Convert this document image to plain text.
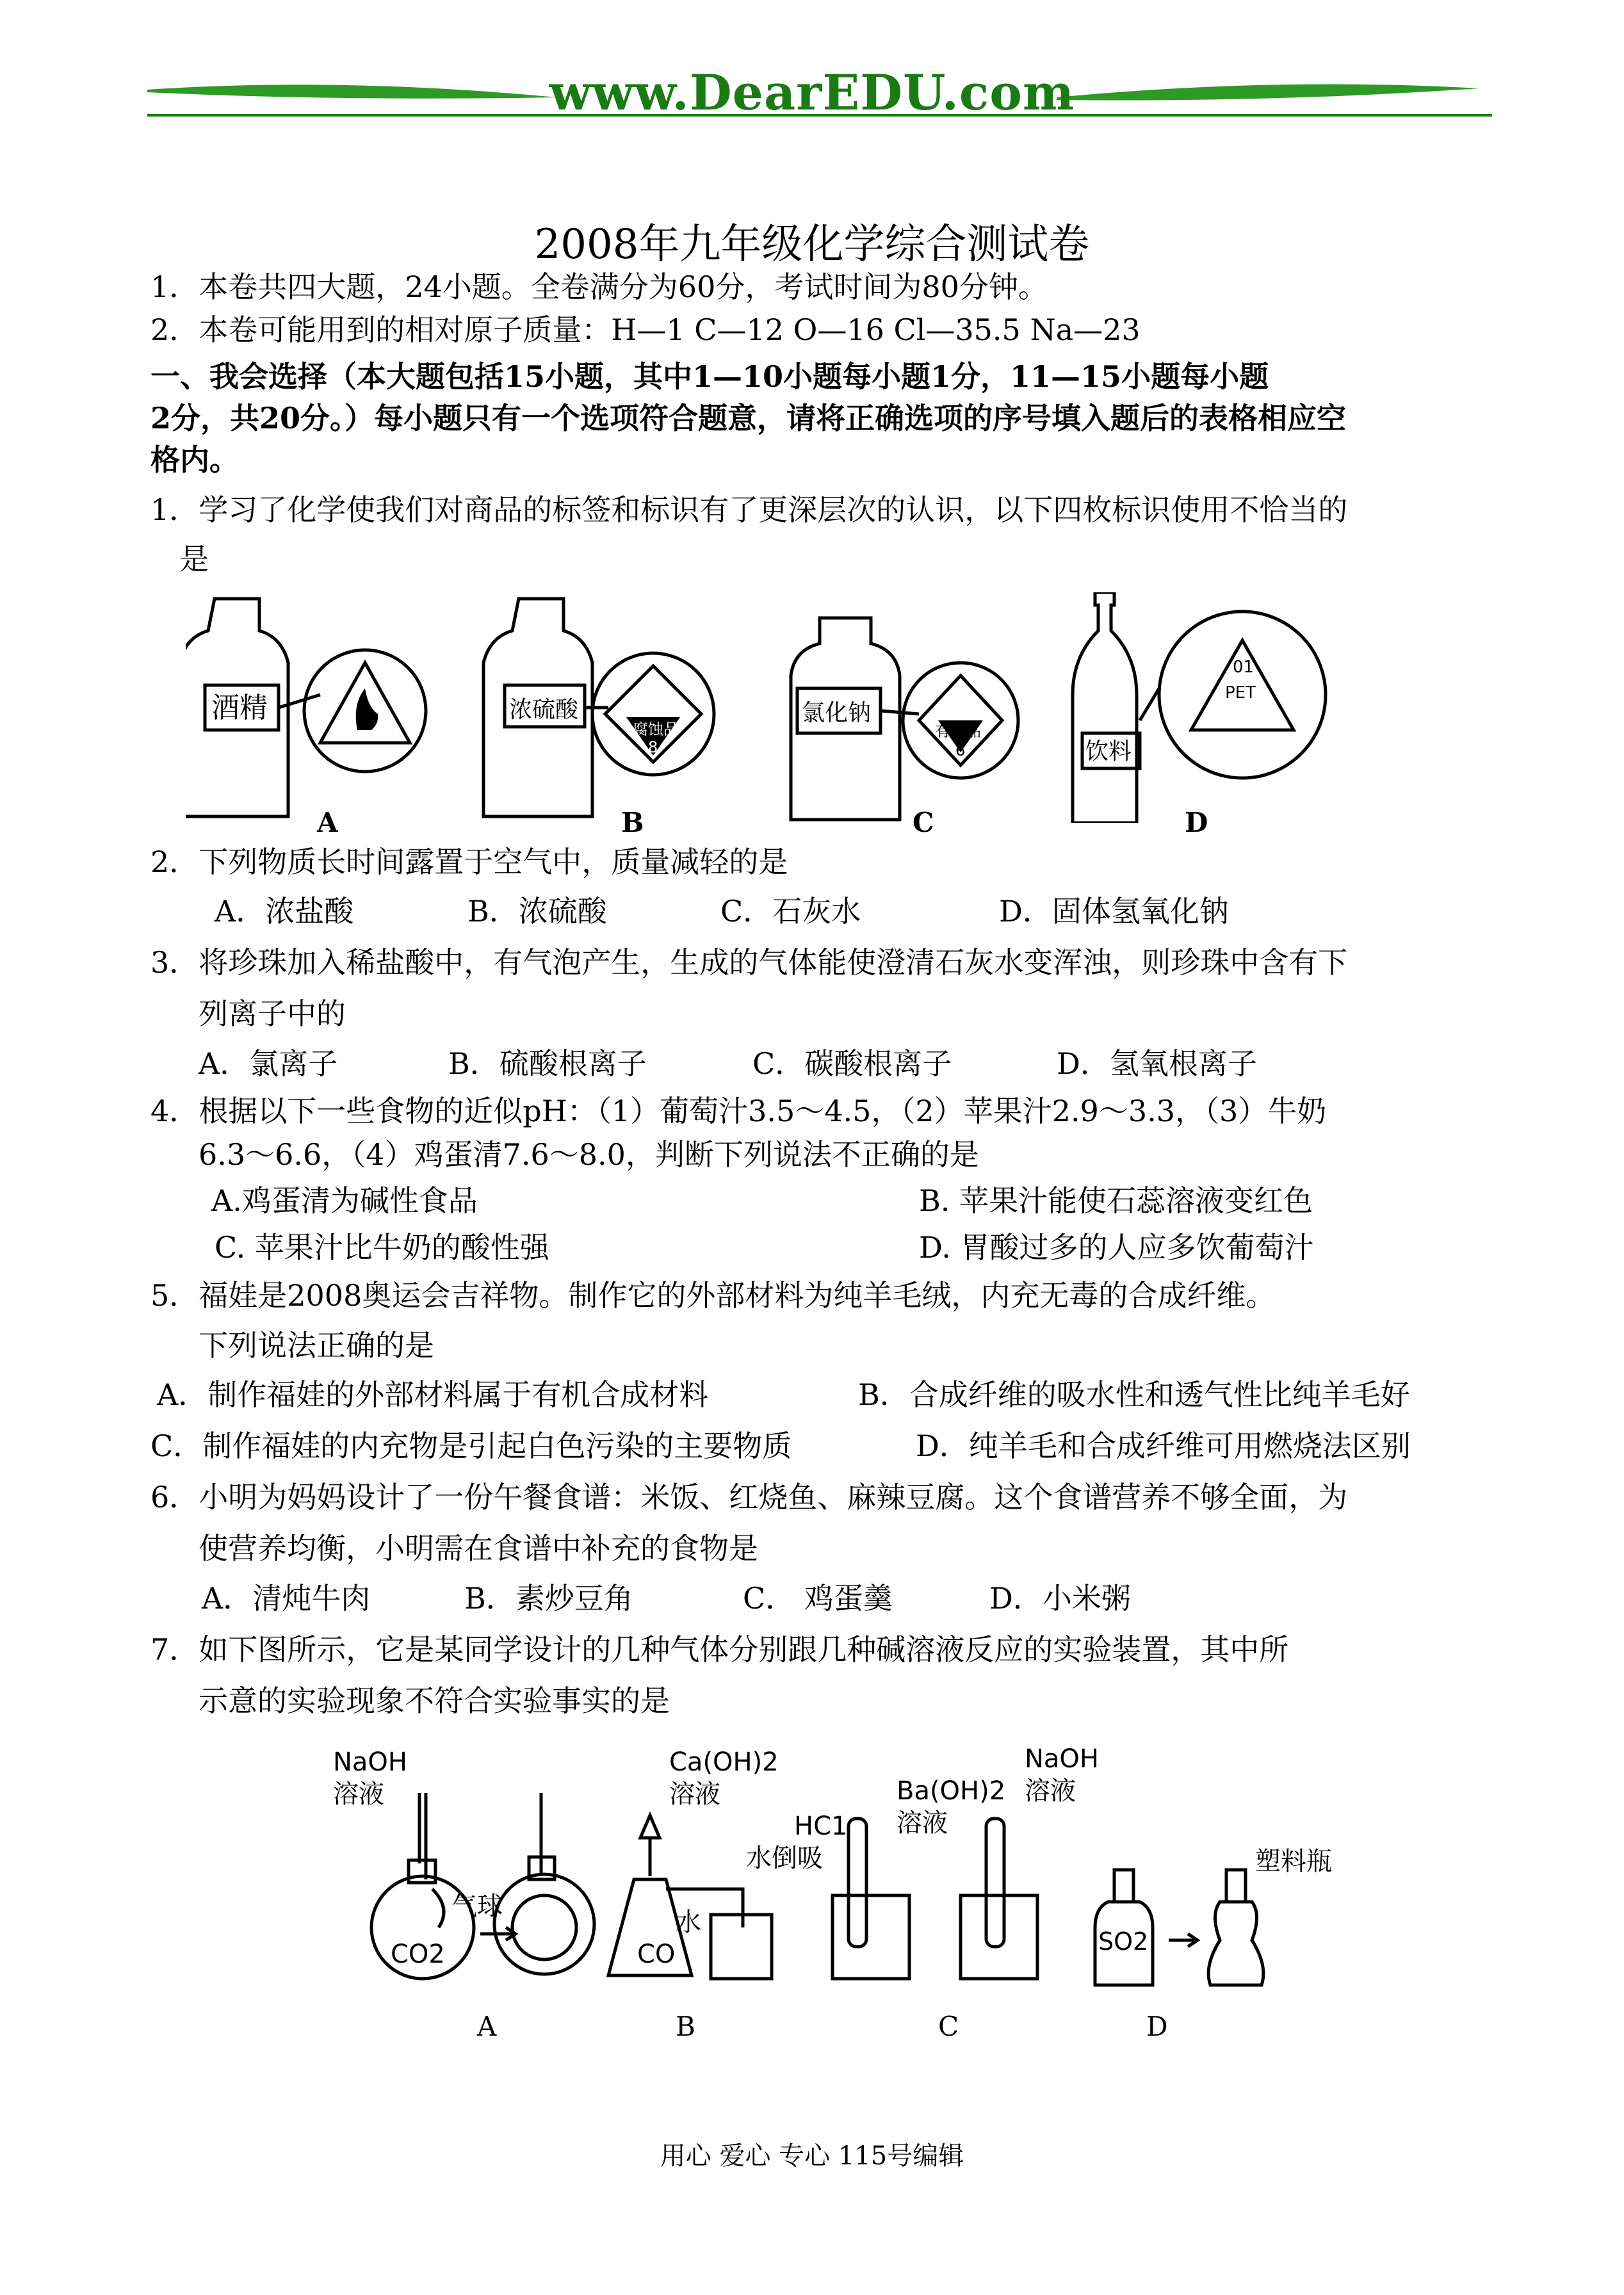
www.DearEDU.com
2008年九年级化学综合测试卷
1．本卷共四大题，24小题。全卷满分为60分，考试时间为80分钟。
2．本卷可能用到的相对原子质量：H—1 C—12 O—16 Cl—35.5 Na—23
一、我会选择（本大题包括15小题，其中1—10小题每小题1分，11—15小题每小题
2分，共20分。）每小题只有一个选项符合题意，请将正确选项的序号填入题后的表格相应空
格内。
1．学习了化学使我们对商品的标签和标识有了更深层次的认识，以下四枚标识使用不恰当的
是
酒精	浓硫酸	氯化钠
饮料
腐蚀品
8
有毒品
6
01
PET
A	B	C	D
2．下列物质长时间露置于空气中，质量减轻的是
A．浓盐酸	B．浓硫酸	C．石灰水	D．固体氢氧化钠
3．将珍珠加入稀盐酸中，有气泡产生，生成的气体能使澄清石灰水变浑浊，则珍珠中含有下
列离子中的
A．氯离子	B．硫酸根离子	C．碳酸根离子	D．氢氧根离子
4．根据以下一些食物的近似pH：（1）葡萄汁3.5～4.5，（2）苹果汁2.9～3.3，（3）牛奶
6.3～6.6，（4）鸡蛋清7.6～8.0，判断下列说法不正确的是
A.鸡蛋清为碱性食品	B. 苹果汁能使石蕊溶液变红色
C. 苹果汁比牛奶的酸性强	D. 胃酸过多的人应多饮葡萄汁
5．福娃是2008奥运会吉祥物。制作它的外部材料为纯羊毛绒，内充无毒的合成纤维。
下列说法正确的是
A．制作福娃的外部材料属于有机合成材料	B．合成纤维的吸水性和透气性比纯羊毛好
C．制作福娃的内充物是引起白色污染的主要物质	D．纯羊毛和合成纤维可用燃烧法区别
6．小明为妈妈设计了一份午餐食谱：米饭、红烧鱼、麻辣豆腐。这个食谱营养不够全面，为
使营养均衡，小明需在食谱中补充的食物是
A．清炖牛肉	B．素炒豆角	C． 鸡蛋羹	D．小米粥
7．如下图所示，它是某同学设计的几种气体分别跟几种碱溶液反应的实验装置，其中所
示意的实验现象不符合实验事实的是
NaOH
溶液
气球
CO2
Ca(OH)2
溶液
水倒吸
水
CO
HC1
Ba(OH)2
溶液
NaOH
溶液
SO2
塑料瓶
A	B	C	D
用心 爱心 专心 115号编辑
